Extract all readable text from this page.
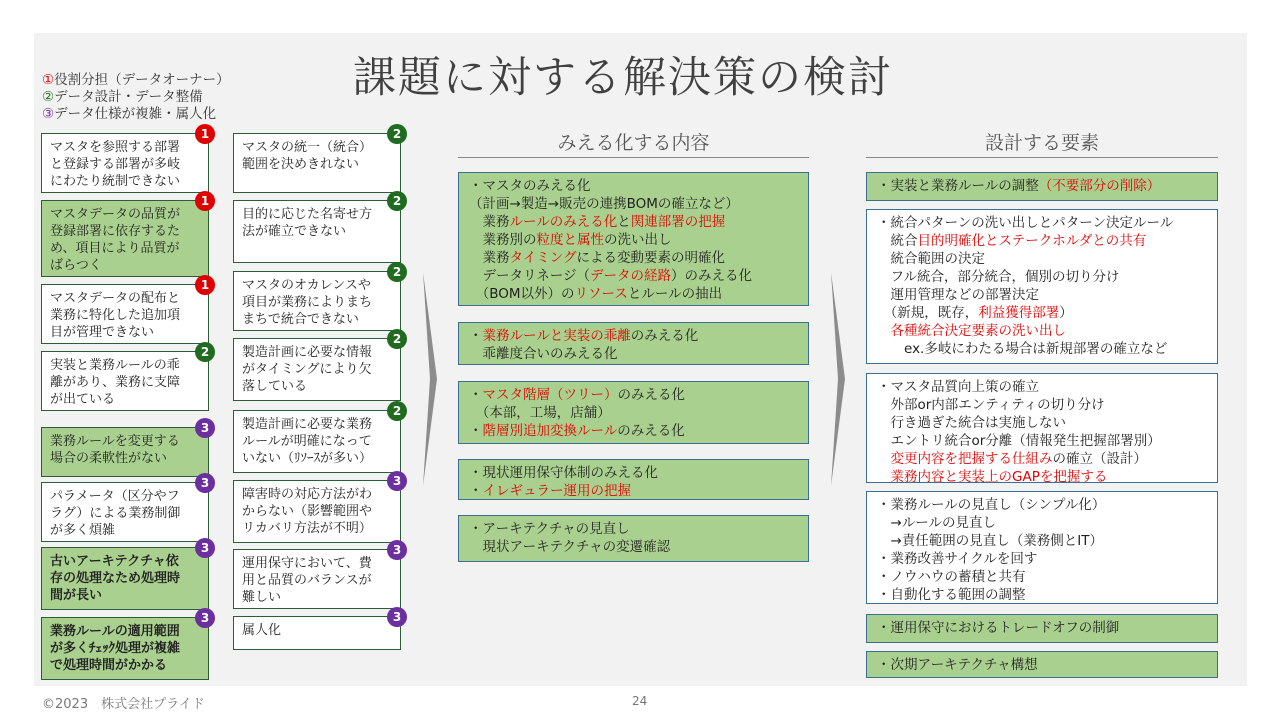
課題に対する解決策の検討
①役割分担（データオーナー）
②データ設計・データ整備
③データ仕様が複雑・属人化
みえる化する内容	設計する要素
マスタを参照する部署
と登録する部署が多岐
にわたり統制できない
1
マスタデータの品質が
登録部署に依存するた
め、項目により品質が
ばらつく
1
マスタデータの配布と
業務に特化した追加項
目が管理できない
1
実装と業務ルールの乖
離があり、業務に支障
が出ている
2
業務ルールを変更する
場合の柔軟性がない
3
パラメータ（区分やフ
ラグ）による業務制御
が多く煩雑
3
古いアーキテクチャ依
存の処理なため処理時
間が長い
3
業務ルールの適用範囲
が多くﾁｪｯｸ処理が複雑
で処理時間がかかる
3
マスタの統一（統合）
範囲を決めきれない
2
目的に応じた名寄せ方
法が確立できない
2
マスタのオカレンスや
項目が業務によりまち
まちで統合できない
2
製造計画に必要な情報
がタイミングにより欠
落している
2
製造計画に必要な業務
ルールが明確になって
いない（ﾘｿｰｽが多い）
2
障害時の対応方法がわ
からない（影響範囲や
リカバリ方法が不明）
3
運用保守において、費
用と品質のバランスが
難しい
3
属人化
3
・マスタのみえる化
（計画→製造→販売の連携BOMの確立など）
　業務ルールのみえる化と関連部署の把握
　業務別の粒度と属性の洗い出し
　業務タイミングによる変動要素の明確化
　データリネージ（データの経路）のみえる化
　（BOM以外）のリソースとルールの抽出
・業務ルールと実装の乖離のみえる化
　乖離度合いのみえる化
・マスタ階層（ツリー）のみえる化
　（本部，工場，店舗）
・階層別追加変換ルールのみえる化
・現状運用保守体制のみえる化
・イレギュラー運用の把握
・アーキテクチャの見直し
　現状アーキテクチャの変遷確認
・実装と業務ルールの調整（不要部分の削除）
・統合パターンの洗い出しとパターン決定ルール
　統合目的明確化とステークホルダとの共有
　統合範囲の決定
　フル統合，部分統合，個別の切り分け
　運用管理などの部署決定
　（新規，既存，利益獲得部署）
　各種統合決定要素の洗い出し
　　ex.多岐にわたる場合は新規部署の確立など
・マスタ品質向上策の確立
　外部or内部エンティティの切り分け
　行き過ぎた統合は実施しない
　エントリ統合or分離（情報発生把握部署別）
　変更内容を把握する仕組みの確立（設計）
　業務内容と実装上のGAPを把握する
・業務ルールの見直し（シンプル化）
　→ルールの見直し
　→責任範囲の見直し（業務側とIT）
・業務改善サイクルを回す
・ノウハウの蓄積と共有
・自動化する範囲の調整
・運用保守におけるトレードオフの制御
・次期アーキテクチャ構想
©2023　株式会社プライド	24
